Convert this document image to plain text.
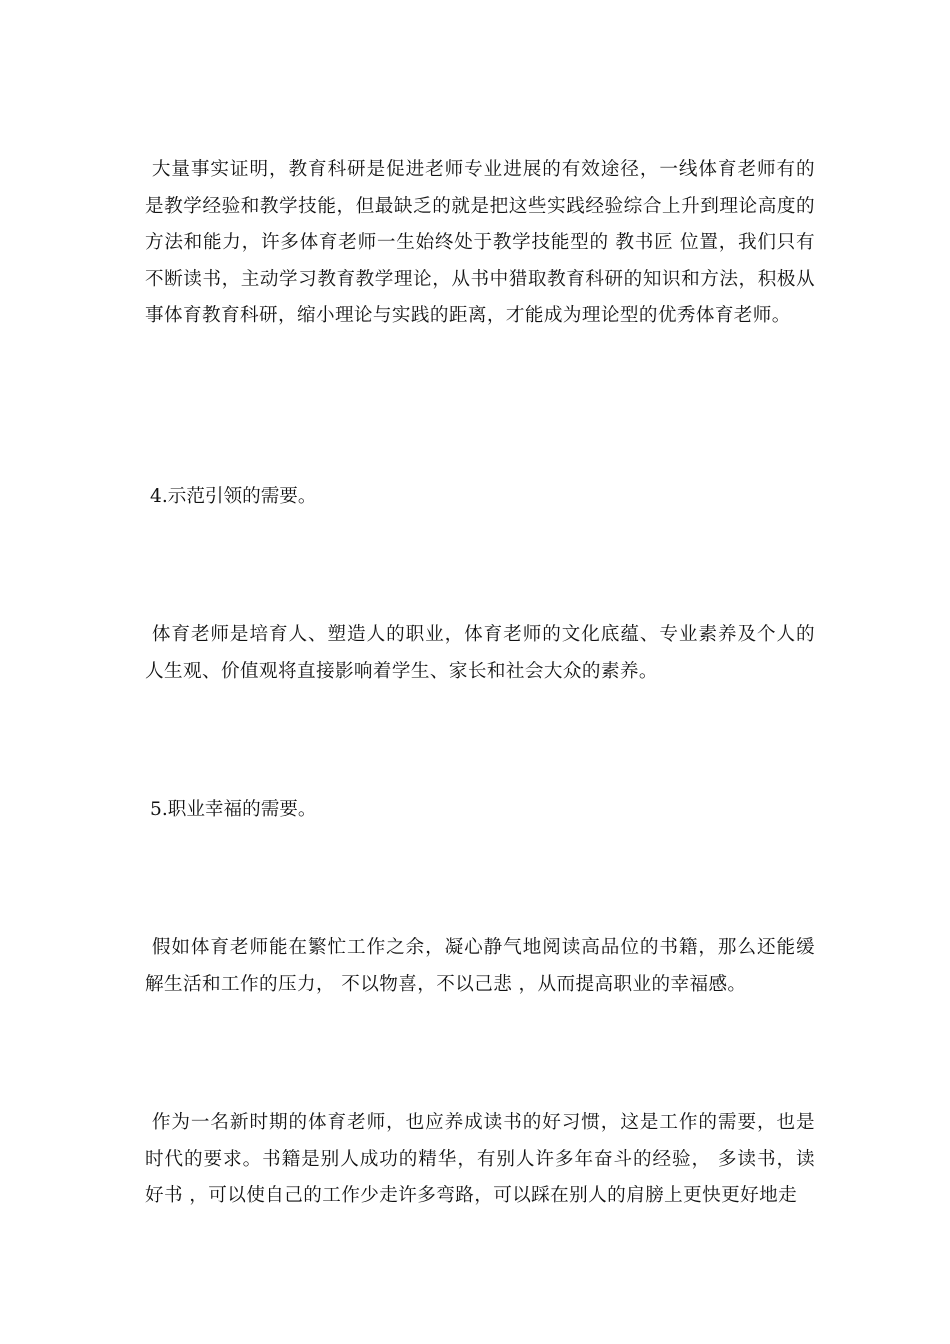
大量事实证明，教育科研是促进老师专业进展的有效途径，一线体育老师有的是教学经验和教学技能，但最缺乏的就是把这些实践经验综合上升到理论高度的方法和能力，许多体育老师一生始终处于教学技能型的 教书匠 位置，我们只有不断读书，主动学习教育教学理论，从书中猎取教育科研的知识和方法，积极从事体育教育科研，缩小理论与实践的距离，才能成为理论型的优秀体育老师。

4.示范引领的需要。

体育老师是培育人、塑造人的职业，体育老师的文化底蕴、专业素养及个人的人生观、价值观将直接影响着学生、家长和社会大众的素养。

5.职业幸福的需要。

假如体育老师能在繁忙工作之余，凝心静气地阅读高品位的书籍，那么还能缓解生活和工作的压力， 不以物喜，不以己悲 ，从而提高职业的幸福感。

作为一名新时期的体育老师，也应养成读书的好习惯，这是工作的需要，也是时代的要求。书籍是别人成功的精华，有别人许多年奋斗的经验， 多读书，读好书 ，可以使自己的工作少走许多弯路，可以踩在别人的肩膀上更快更好地走
